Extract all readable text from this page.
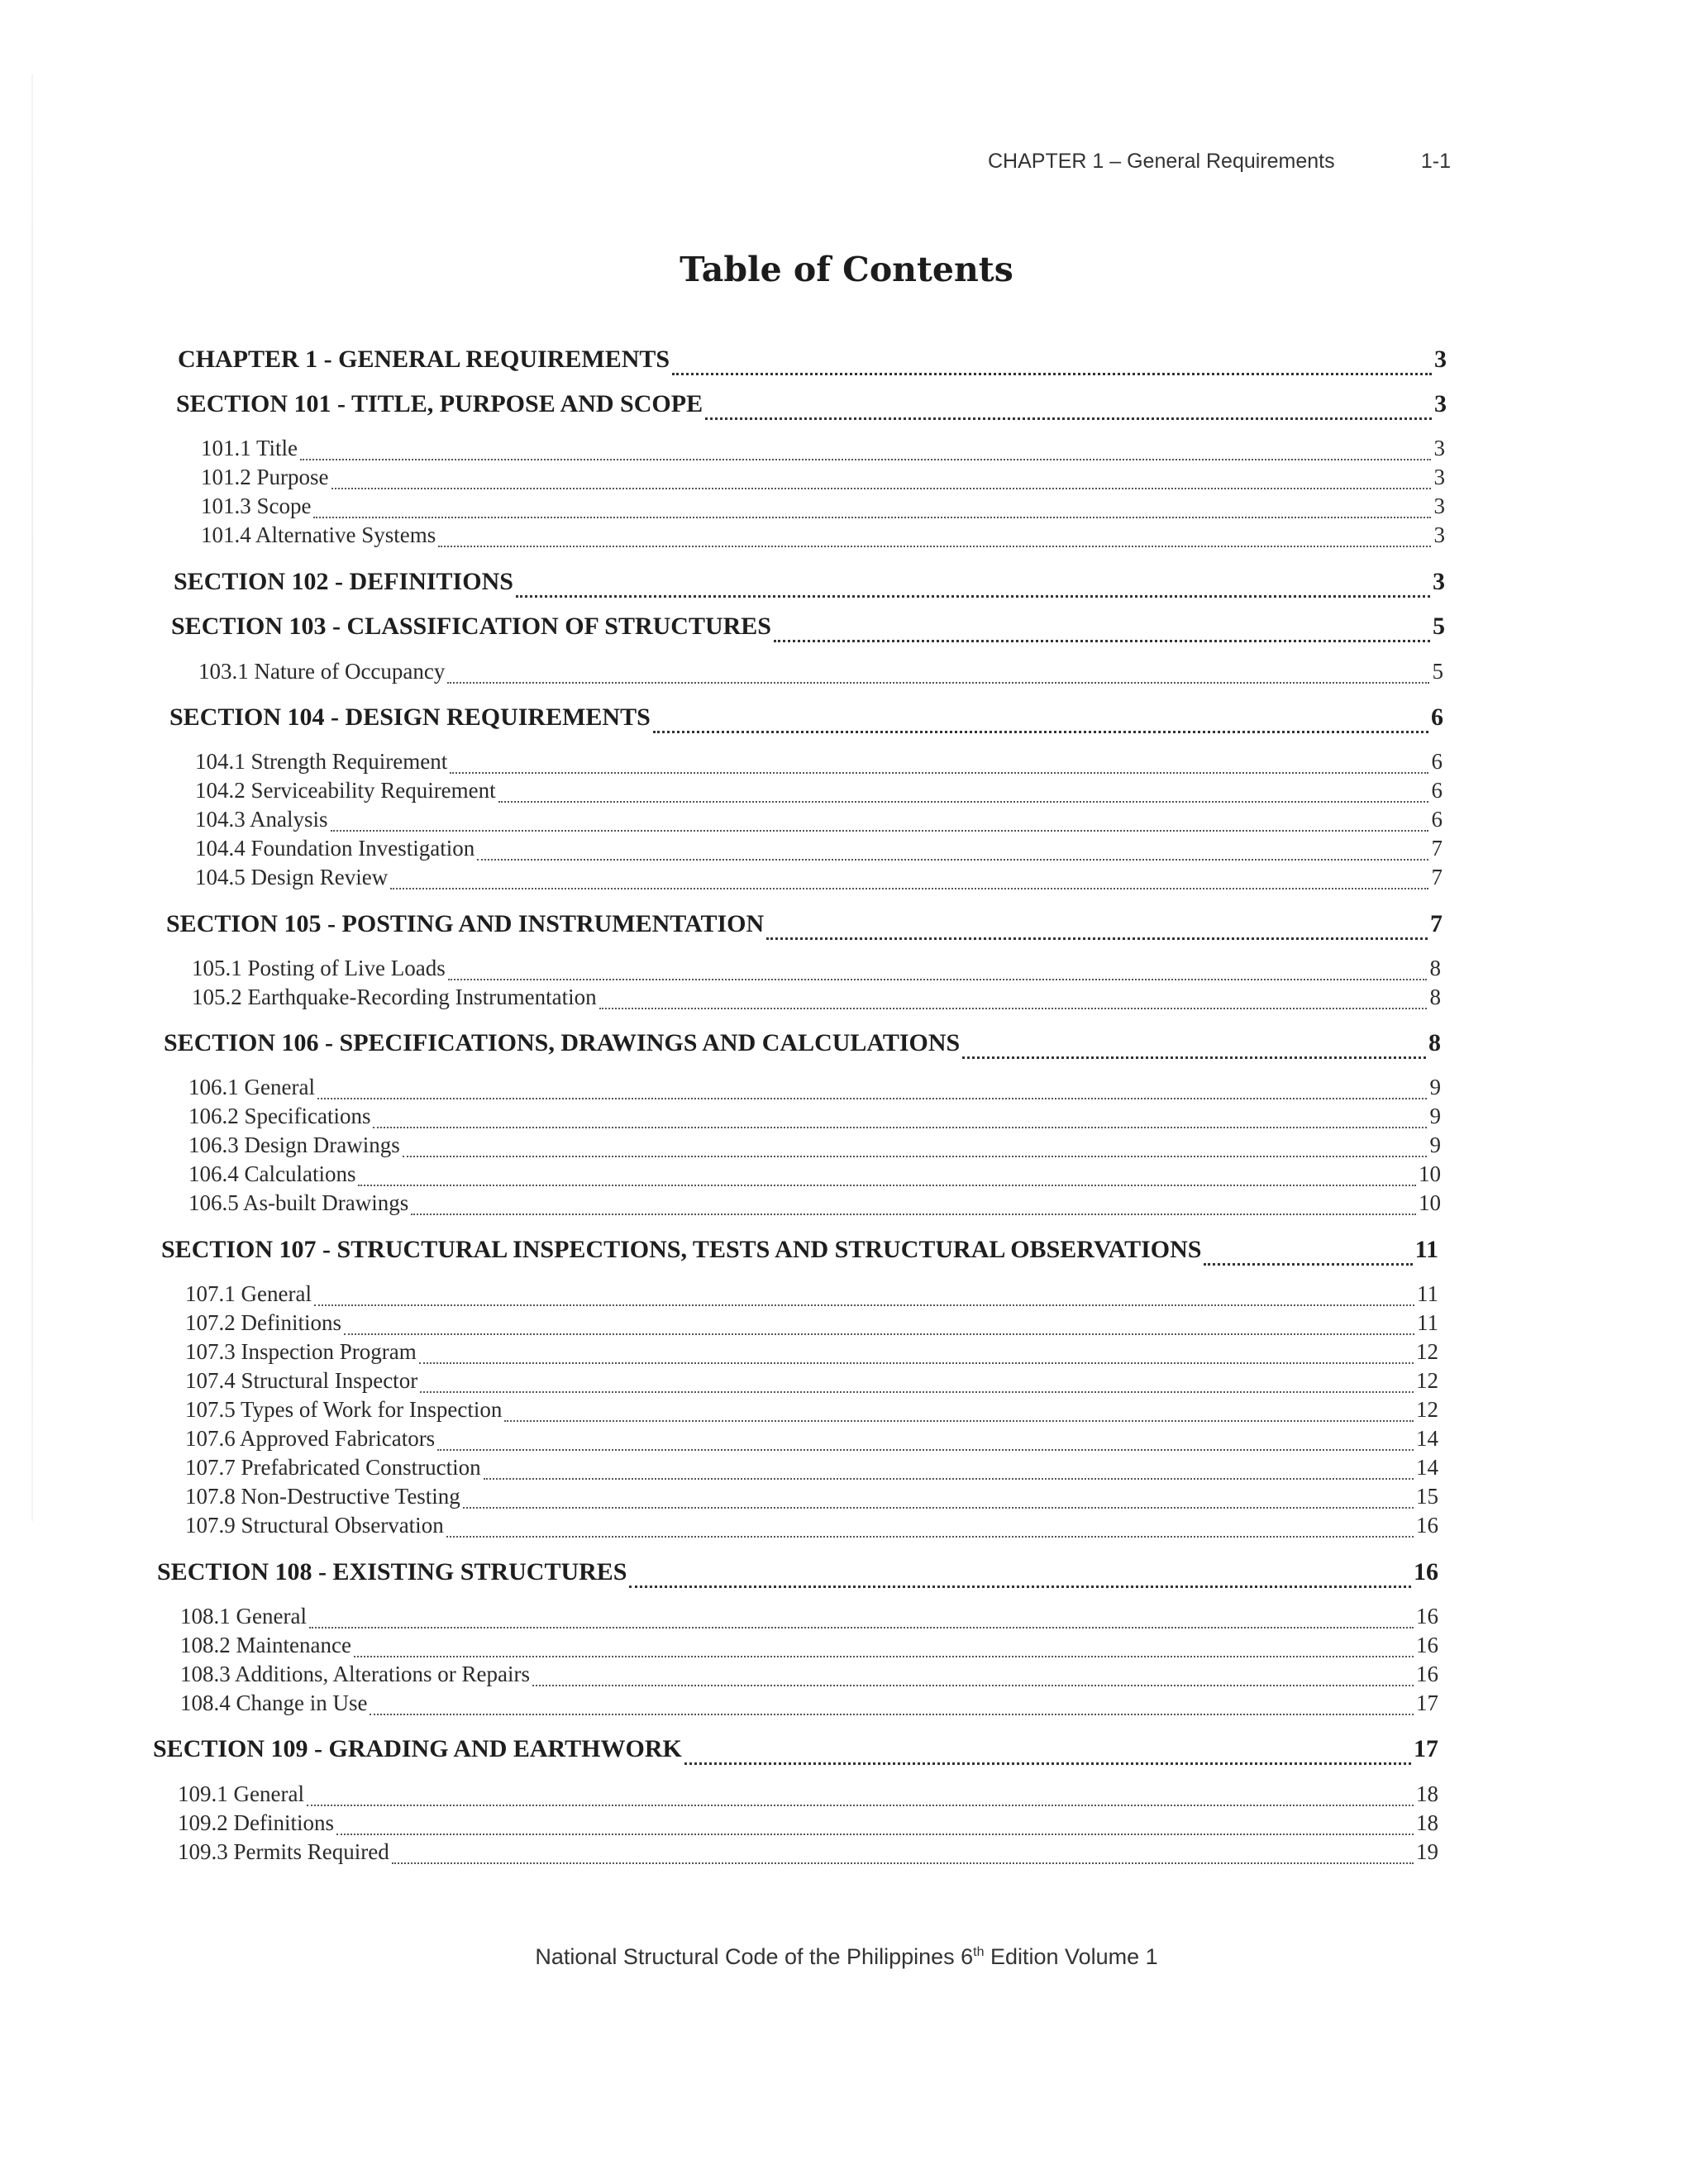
CHAPTER 1 – General Requirements	1-1
Table of Contents
CHAPTER 1 - GENERAL REQUIREMENTS	3
SECTION 101 - TITLE, PURPOSE AND SCOPE	3
101.1 Title	3
101.2 Purpose	3
101.3 Scope	3
101.4 Alternative Systems	3
SECTION 102 - DEFINITIONS	3
SECTION 103 - CLASSIFICATION OF STRUCTURES	5
103.1 Nature of Occupancy	5
SECTION 104 - DESIGN REQUIREMENTS	6
104.1 Strength Requirement	6
104.2 Serviceability Requirement	6
104.3 Analysis	6
104.4 Foundation Investigation	7
104.5 Design Review	7
SECTION 105 - POSTING AND INSTRUMENTATION	7
105.1 Posting of Live Loads	8
105.2 Earthquake-Recording Instrumentation	8
SECTION 106 - SPECIFICATIONS, DRAWINGS AND CALCULATIONS	8
106.1 General	9
106.2 Specifications	9
106.3 Design Drawings	9
106.4 Calculations	10
106.5 As-built Drawings	10
SECTION 107 - STRUCTURAL INSPECTIONS, TESTS AND STRUCTURAL OBSERVATIONS	11
107.1 General	11
107.2 Definitions	11
107.3 Inspection Program	12
107.4 Structural Inspector	12
107.5 Types of Work for Inspection	12
107.6 Approved Fabricators	14
107.7 Prefabricated Construction	14
107.8 Non-Destructive Testing	15
107.9 Structural Observation	16
SECTION 108 - EXISTING STRUCTURES	16
108.1 General	16
108.2 Maintenance	16
108.3 Additions, Alterations or Repairs	16
108.4 Change in Use	17
SECTION 109 - GRADING AND EARTHWORK	17
109.1 General	18
109.2 Definitions	18
109.3 Permits Required	19
National Structural Code of the Philippines 6th Edition Volume 1
